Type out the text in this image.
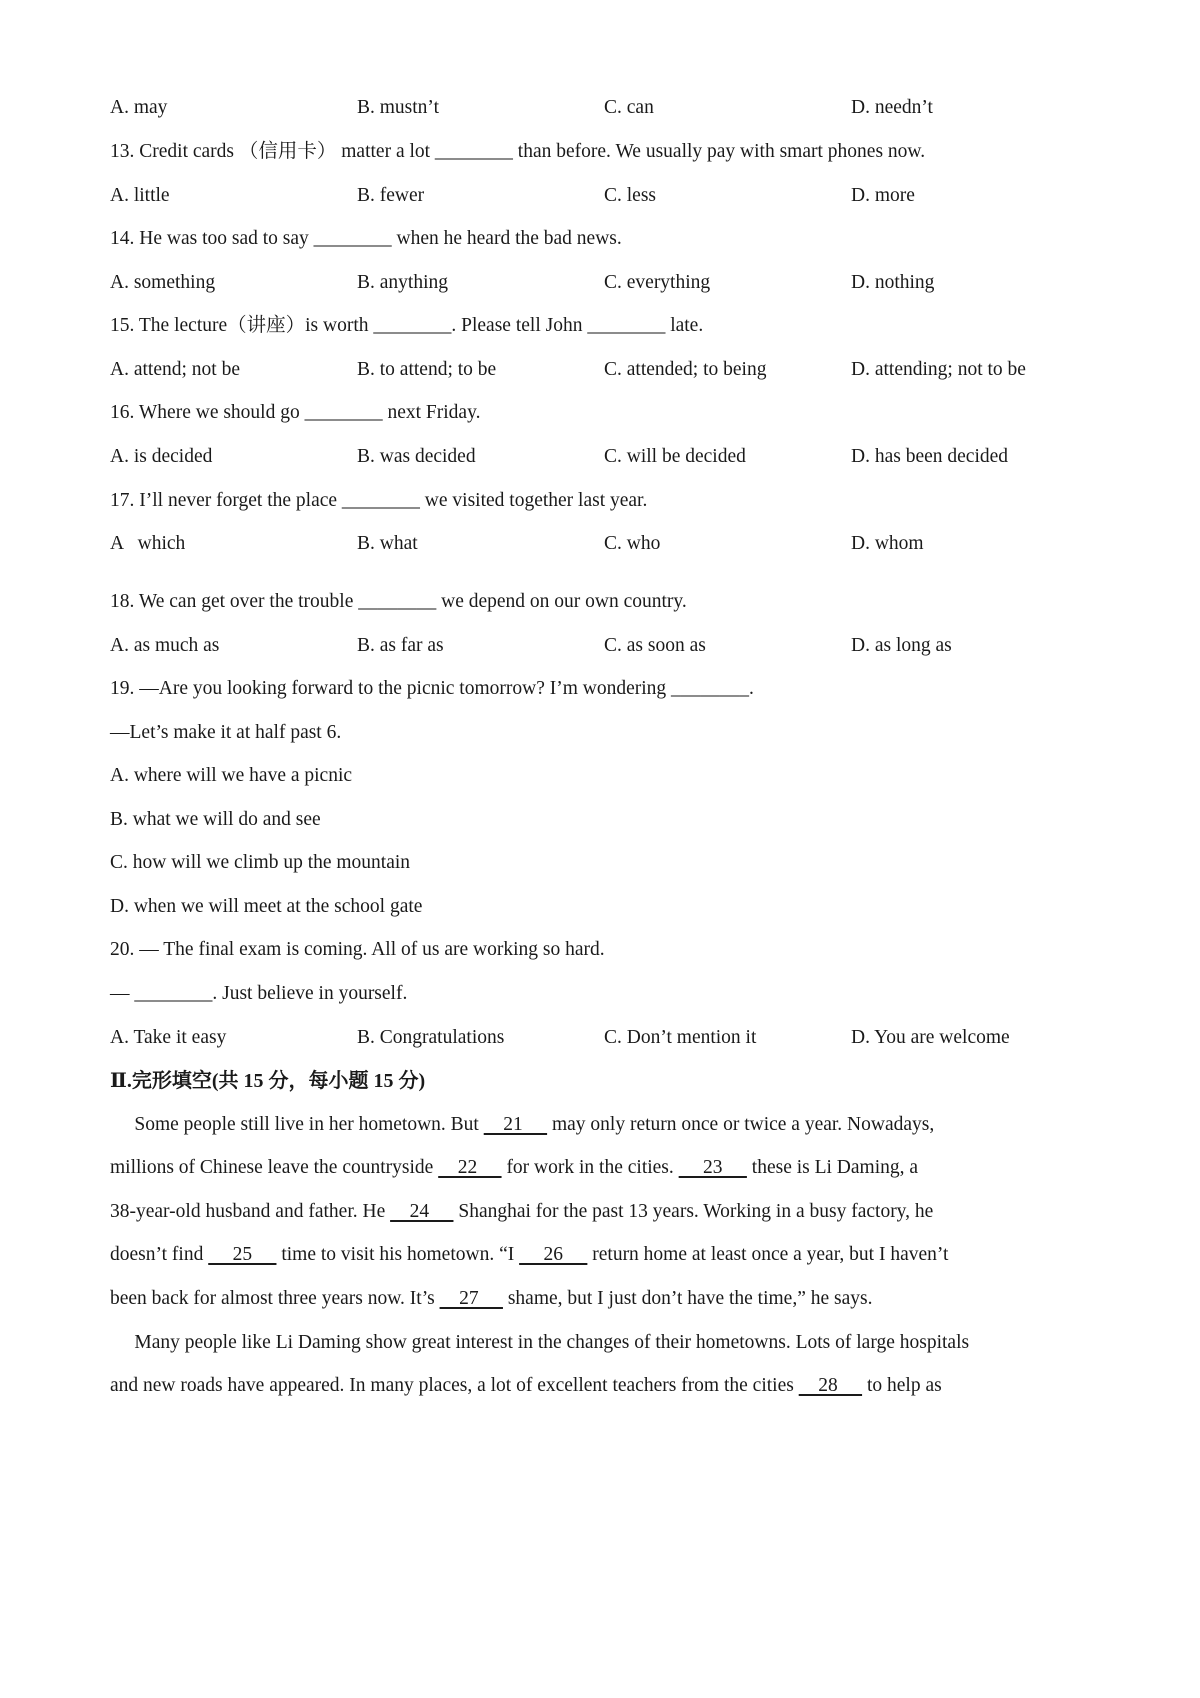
A. may	B. mustn’t	C. can	D. needn’t
13. Credit cards （信用卡） matter a lot ________ than before. We usually pay with smart phones now.
A. little	B. fewer	C. less	D. more
14. He was too sad to say ________ when he heard the bad news.
A. something	B. anything	C. everything	D. nothing
15. The lecture（讲座）is worth ________. Please tell John ________ late.
A. attend; not be	B. to attend; to be	C. attended; to being	D. attending; not to be
16. Where we should go ________ next Friday.
A. is decided	B. was decided	C. will be decided	D. has been decided
17. I’ll never forget the place ________ we visited together last year.
A   which	B. what	C. who	D. whom
18. We can get over the trouble ________ we depend on our own country.
A. as much as	B. as far as	C. as soon as	D. as long as
19. —Are you looking forward to the picnic tomorrow? I’m wondering ________.
—Let’s make it at half past 6.
A. where will we have a picnic
B. what we will do and see
C. how will we climb up the mountain
D. when we will meet at the school gate
20. — The final exam is coming. All of us are working so hard.
— ________. Just believe in yourself.
A. Take it easy	B. Congratulations	C. Don’t mention it	D. You are welcome
Ⅱ.完形填空(共 15 分，每小题 15 分)
Some people still live in her hometown. But     21      may only return once or twice a year. Nowadays,
millions of Chinese leave the countryside     22      for work in the cities.      23      these is Li Daming, a
38-year-old husband and father. He     24      Shanghai for the past 13 years. Working in a busy factory, he
doesn’t find      25      time to visit his hometown. “I      26      return home at least once a year, but I haven’t
been back for almost three years now. It’s     27      shame, but I just don’t have the time,” he says.
Many people like Li Daming show great interest in the changes of their hometowns. Lots of large hospitals
and new roads have appeared. In many places, a lot of excellent teachers from the cities     28      to help as
